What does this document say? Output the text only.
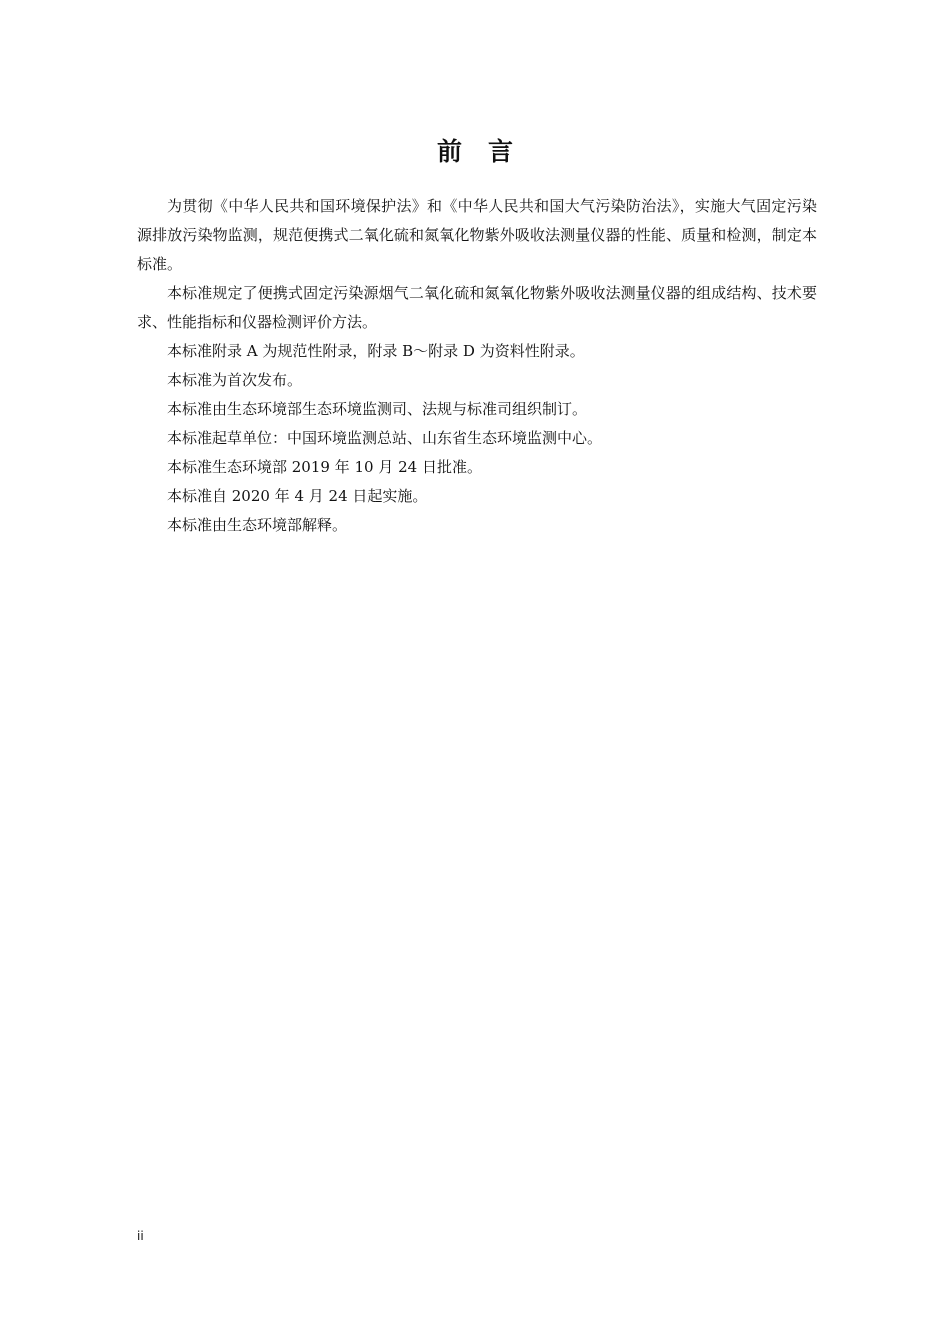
前 言

为贯彻《中华人民共和国环境保护法》和《中华人民共和国大气污染防治法》，实施大气固定污染源排放污染物监测，规范便携式二氧化硫和氮氧化物紫外吸收法测量仪器的性能、质量和检测，制定本标准。

本标准规定了便携式固定污染源烟气二氧化硫和氮氧化物紫外吸收法测量仪器的组成结构、技术要求、性能指标和仪器检测评价方法。

本标准附录 A 为规范性附录，附录 B～附录 D 为资料性附录。

本标准为首次发布。

本标准由生态环境部生态环境监测司、法规与标准司组织制订。

本标准起草单位：中国环境监测总站、山东省生态环境监测中心。

本标准生态环境部 2019 年 10 月 24 日批准。

本标准自 2020 年 4 月 24 日起实施。

本标准由生态环境部解释。

ii
